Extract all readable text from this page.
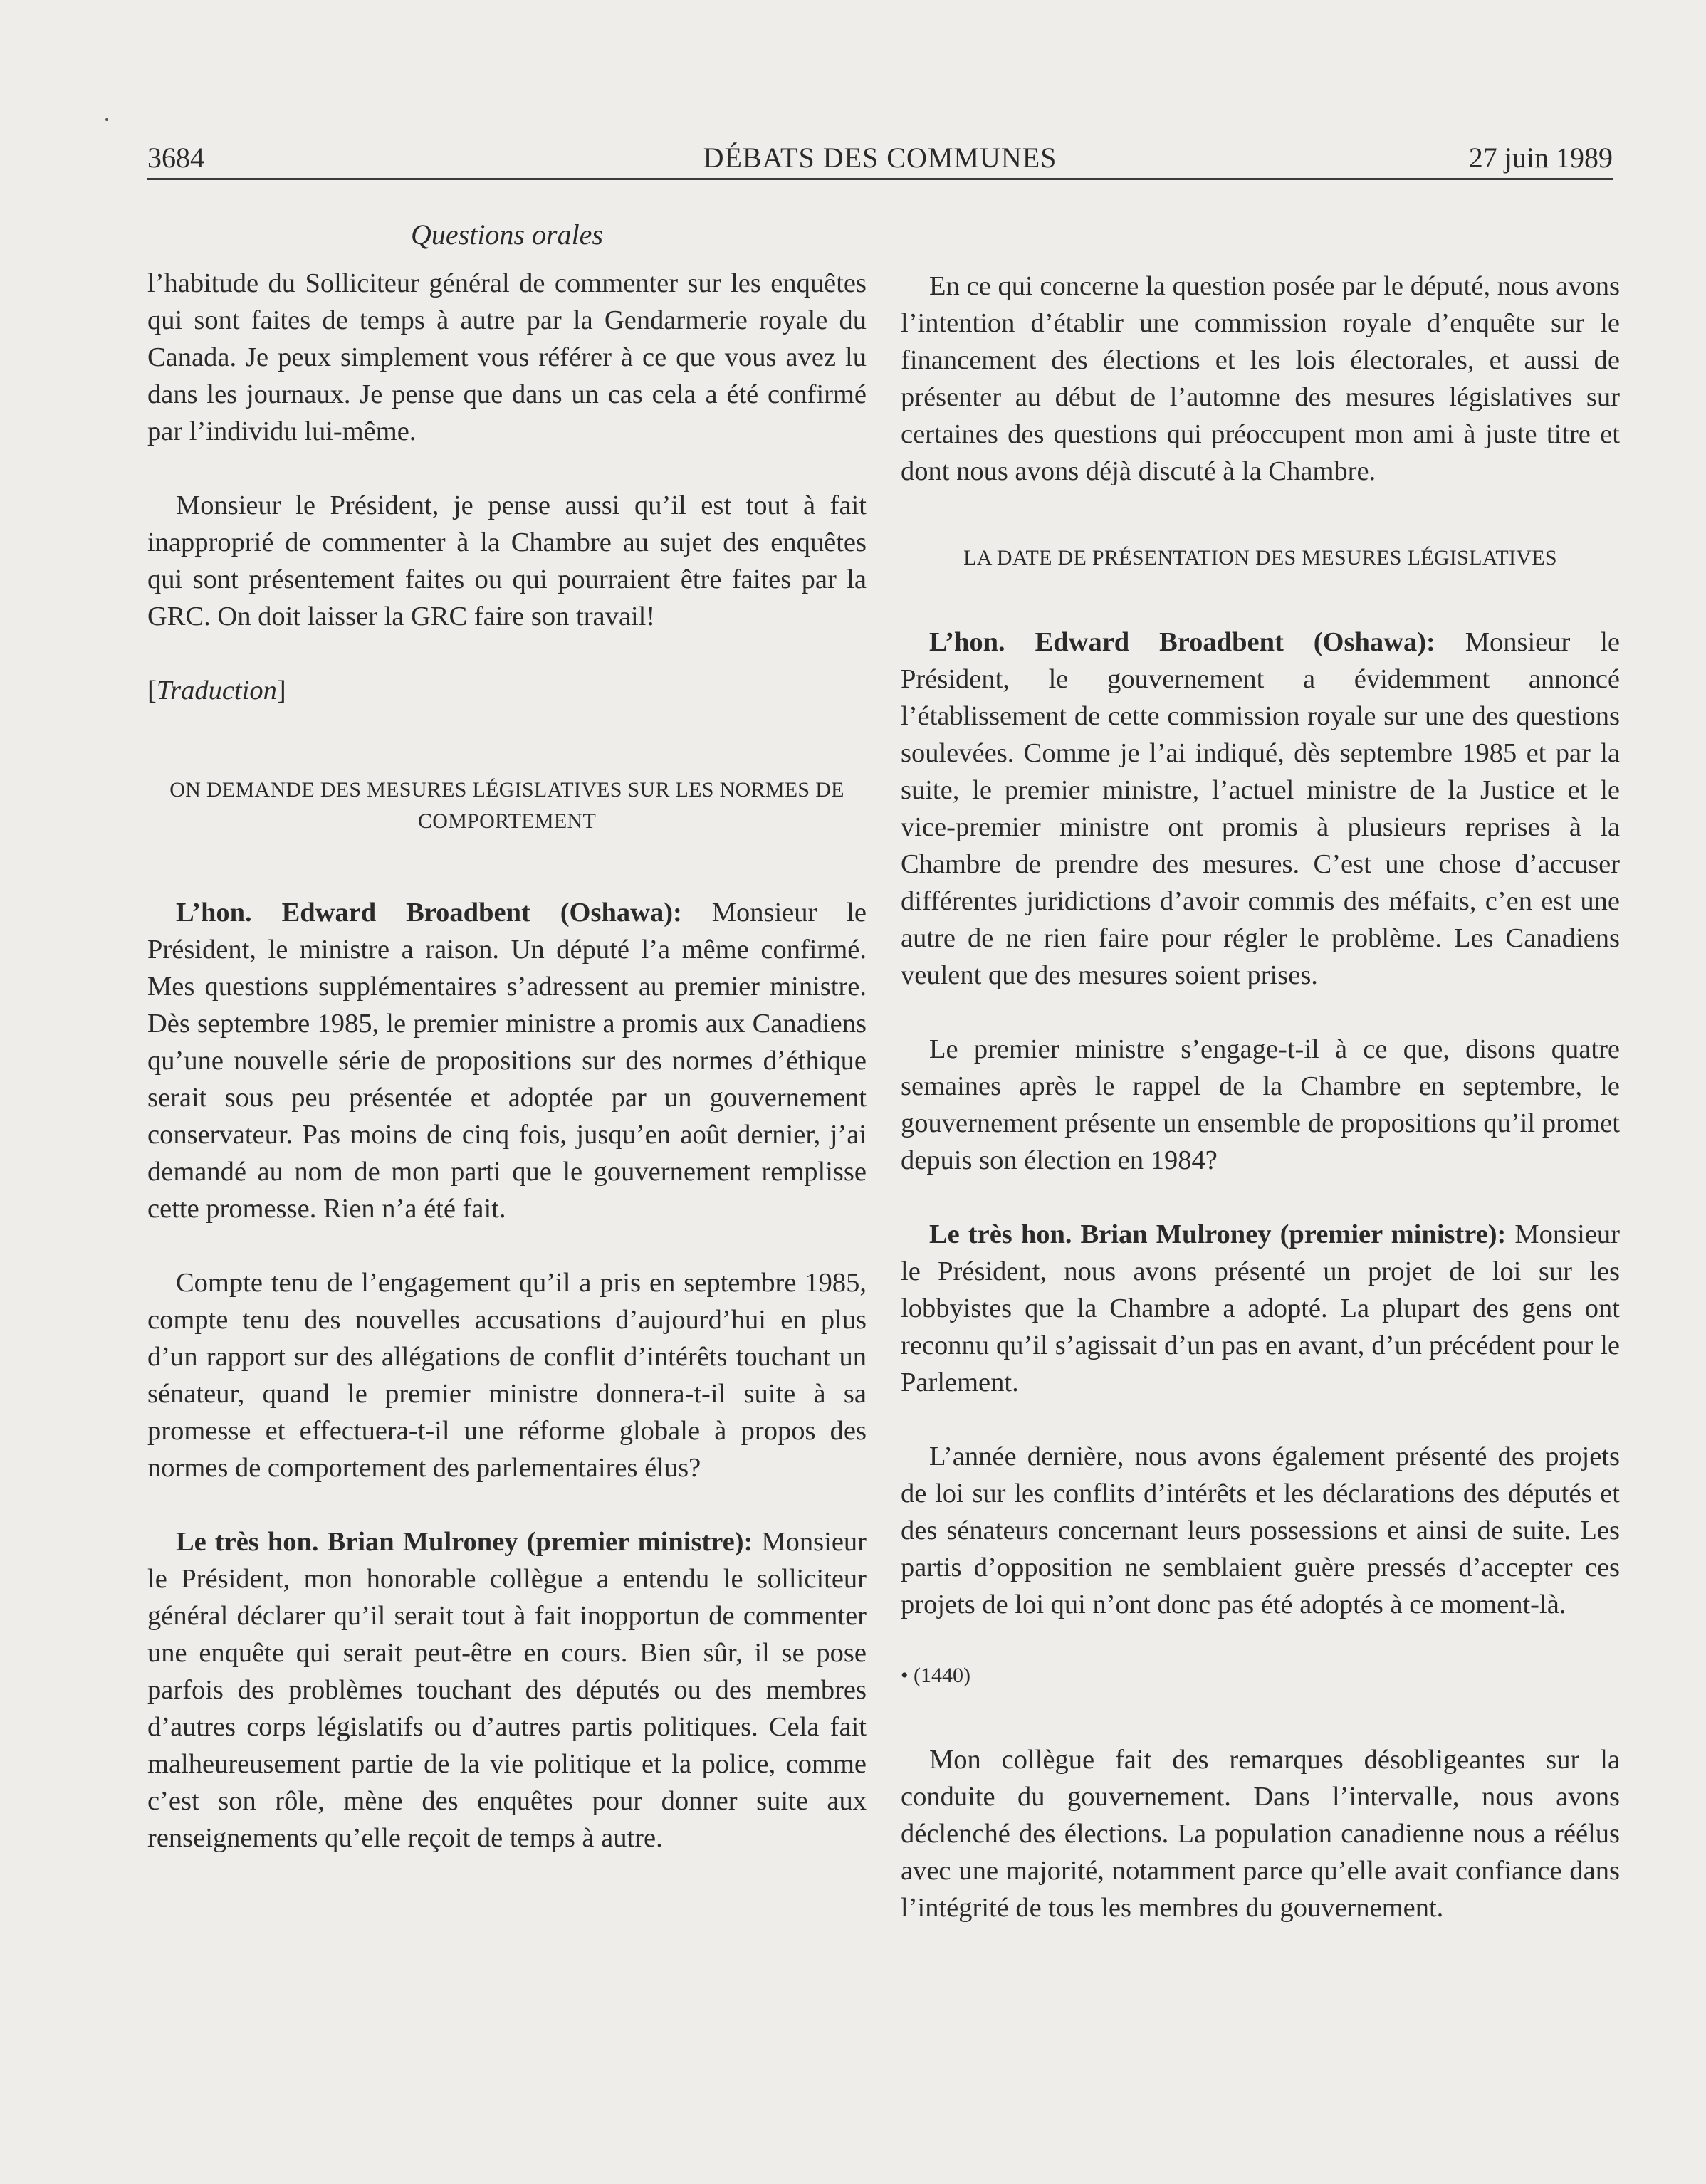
3684	DÉBATS DES COMMUNES	27 juin 1989
Questions orales

l’habitude du Solliciteur général de commenter sur les enquêtes qui sont faites de temps à autre par la Gendarmerie royale du Canada. Je peux simplement vous référer à ce que vous avez lu dans les journaux. Je pense que dans un cas cela a été confirmé par l’individu lui-même.

Monsieur le Président, je pense aussi qu’il est tout à fait inapproprié de commenter à la Chambre au sujet des enquêtes qui sont présentement faites ou qui pourraient être faites par la GRC. On doit laisser la GRC faire son travail!

[Traduction]

ON DEMANDE DES MESURES LÉGISLATIVES SUR LES NORMES DE COMPORTEMENT

L’hon. Edward Broadbent (Oshawa): Monsieur le Président, le ministre a raison. Un député l’a même confirmé. Mes questions supplémentaires s’adressent au premier ministre. Dès septembre 1985, le premier ministre a promis aux Canadiens qu’une nouvelle série de propositions sur des normes d’éthique serait sous peu présentée et adoptée par un gouvernement conservateur. Pas moins de cinq fois, jusqu’en août dernier, j’ai demandé au nom de mon parti que le gouvernement remplisse cette promesse. Rien n’a été fait.

Compte tenu de l’engagement qu’il a pris en septembre 1985, compte tenu des nouvelles accusations d’aujourd’hui en plus d’un rapport sur des allégations de conflit d’intérêts touchant un sénateur, quand le premier ministre donnera-t-il suite à sa promesse et effectuera-t-il une réforme globale à propos des normes de comportement des parlementaires élus?

Le très hon. Brian Mulroney (premier ministre): Monsieur le Président, mon honorable collègue a entendu le solliciteur général déclarer qu’il serait tout à fait inopportun de commenter une enquête qui serait peut-être en cours. Bien sûr, il se pose parfois des problèmes touchant des députés ou des membres d’autres corps législatifs ou d’autres partis politiques. Cela fait malheureusement partie de la vie politique et la police, comme c’est son rôle, mène des enquêtes pour donner suite aux renseignements qu’elle reçoit de temps à autre.

En ce qui concerne la question posée par le député, nous avons l’intention d’établir une commission royale d’enquête sur le financement des élections et les lois électorales, et aussi de présenter au début de l’automne des mesures législatives sur certaines des questions qui préoccupent mon ami à juste titre et dont nous avons déjà discuté à la Chambre.

LA DATE DE PRÉSENTATION DES MESURES LÉGISLATIVES

L’hon. Edward Broadbent (Oshawa): Monsieur le Président, le gouvernement a évidemment annoncé l’établissement de cette commission royale sur une des questions soulevées. Comme je l’ai indiqué, dès septembre 1985 et par la suite, le premier ministre, l’actuel ministre de la Justice et le vice-premier ministre ont promis à plusieurs reprises à la Chambre de prendre des mesures. C’est une chose d’accuser différentes juridictions d’avoir commis des méfaits, c’en est une autre de ne rien faire pour régler le problème. Les Canadiens veulent que des mesures soient prises.

Le premier ministre s’engage-t-il à ce que, disons quatre semaines après le rappel de la Chambre en septembre, le gouvernement présente un ensemble de propositions qu’il promet depuis son élection en 1984?

Le très hon. Brian Mulroney (premier ministre): Monsieur le Président, nous avons présenté un projet de loi sur les lobbyistes que la Chambre a adopté. La plupart des gens ont reconnu qu’il s’agissait d’un pas en avant, d’un précédent pour le Parlement.

L’année dernière, nous avons également présenté des projets de loi sur les conflits d’intérêts et les déclarations des députés et des sénateurs concernant leurs possessions et ainsi de suite. Les partis d’opposition ne semblaient guère pressés d’accepter ces projets de loi qui n’ont donc pas été adoptés à ce moment-là.

• (1440)

Mon collègue fait des remarques désobligeantes sur la conduite du gouvernement. Dans l’intervalle, nous avons déclenché des élections. La population canadienne nous a réélus avec une majorité, notamment parce qu’elle avait confiance dans l’intégrité de tous les membres du gouvernement.
